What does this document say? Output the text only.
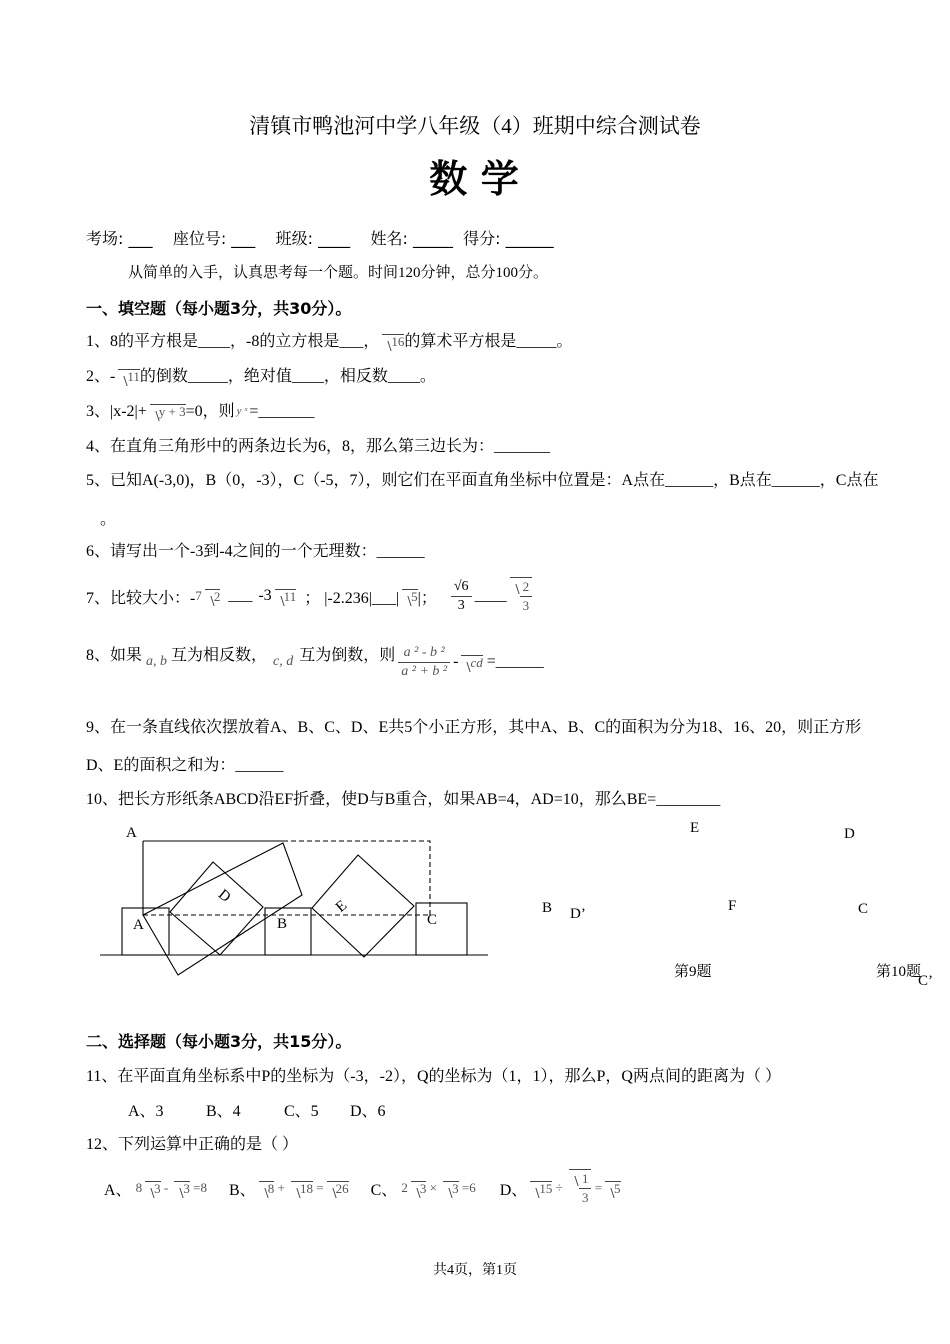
清镇市鸭池河中学八年级（4）班期中综合测试卷
数 学
考场: ___    座位号: ___    班级: ____    姓名: _____  得分: ______
从简单的入手，认真思考每一个题。时间120分钟，总分100分。
一、填空题（每小题3分，共30分）。
1、8的平方根是____，-8的立方根是___， 16的算术平方根是_____。
2、- 11的倒数_____，绝对值____，相反数____。
3、|x-2|+ y + 3=0，则 y ˣ =_______
4、在直角三角形中的两条边长为6，8，那么第三边长为：_______
5、已知A(-3,0)，B（0，-3），C（-5，7），则它们在平面直角坐标中位置是：A点在______，B点在______，C点在
。
6、请写出一个-3到-4之间的一个无理数：______
7、比较大小：- 7 2 ___ -3 11 ； |-2.236|___| 5 |； $\frac{√6}{3}$ ____ $\frac{2}{3}$
8、如果 a, b 互为相反数， c, d 互为倒数，则 $\frac{\text{a ² - b ²}}{\text{a ² + b ²}}$ - cd =______
9、在一条直线依次摆放着A、B、C、D、E共5个小正方形，其中A、B、C的面积为分为18、16、20，则正方形
D、E的面积之和为：______
10、把长方形纸条ABCD沿EF折叠，使D与B重合，如果AB=4，AD=10，那么BE=________
A
A
D
B
E
C
E	D
B D’	F	C
C’
第9题	第10题
二、选择题（每小题3分，共15分）。
11、在平面直角坐标系中P的坐标为（-3，-2），Q的坐标为（1，1），那么P，Q两点间的距离为（ ）
A、3	B、4	C、5	D、6
12、下列运算中正确的是（ ）
A、 8 3 - 3 =8 B、 8 + 18 = 26 C、 2 3 × 3 =6 D、 $15 \div \frac{1}{3} = 5$
共4页，第1页
